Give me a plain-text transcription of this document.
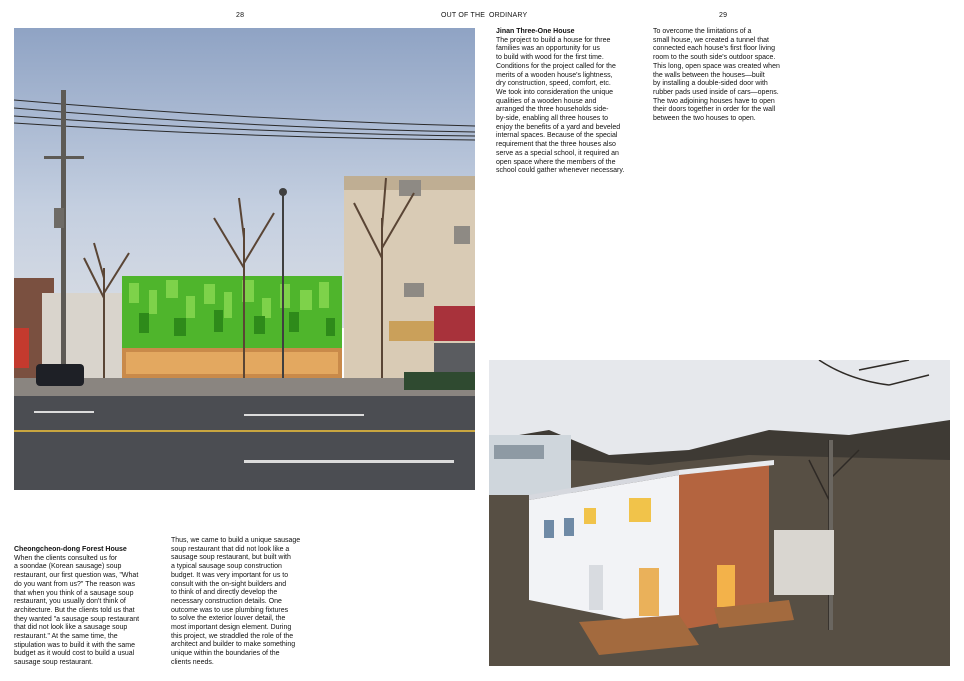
28	OUT OF THE ORDINARY	29
Jinan Three-One House
The project to build a house for three
families was an opportunity for us
to build with wood for the first time.
Conditions for the project called for the
merits of a wooden house's lightness,
dry construction, speed, comfort, etc.
We took into consideration the unique
qualities of a wooden house and
arranged the three households side-
by-side, enabling all three houses to
enjoy the benefits of a yard and beveled
internal spaces. Because of the special
requirement that the three houses also
serve as a special school, it required an
open space where the members of the
school could gather whenever necessary.
To overcome the limitations of a
small house, we created a tunnel that
connected each house's first floor living
room to the south side's outdoor space.
This long, open space was created when
the walls between the houses—built
by installing a double-sided door with
rubber pads used inside of cars—opens.
The two adjoining houses have to open
their doors together in order for the wall
between the two houses to open.
Cheongcheon-dong Forest House
When the clients consulted us for
a soondae (Korean sausage) soup
restaurant, our first question was, "What
do you want from us?" The reason was
that when you think of a sausage soup
restaurant, you usually don't think of
architecture. But the clients told us that
they wanted "a sausage soup restaurant
that did not look like a sausage soup
restaurant." At the same time, the
stipulation was to build it with the same
budget as it would cost to build a usual
sausage soup restaurant.
Thus, we came to build a unique sausage
soup restaurant that did not look like a
sausage soup restaurant, but built with
a typical sausage soup construction
budget. It was very important for us to
consult with the on-sight builders and
to think of and directly develop the
necessary construction details. One
outcome was to use plumbing fixtures
to solve the exterior louver detail, the
most important design element. During
this project, we straddled the role of the
architect and builder to make something
unique within the boundaries of the
clients needs.
